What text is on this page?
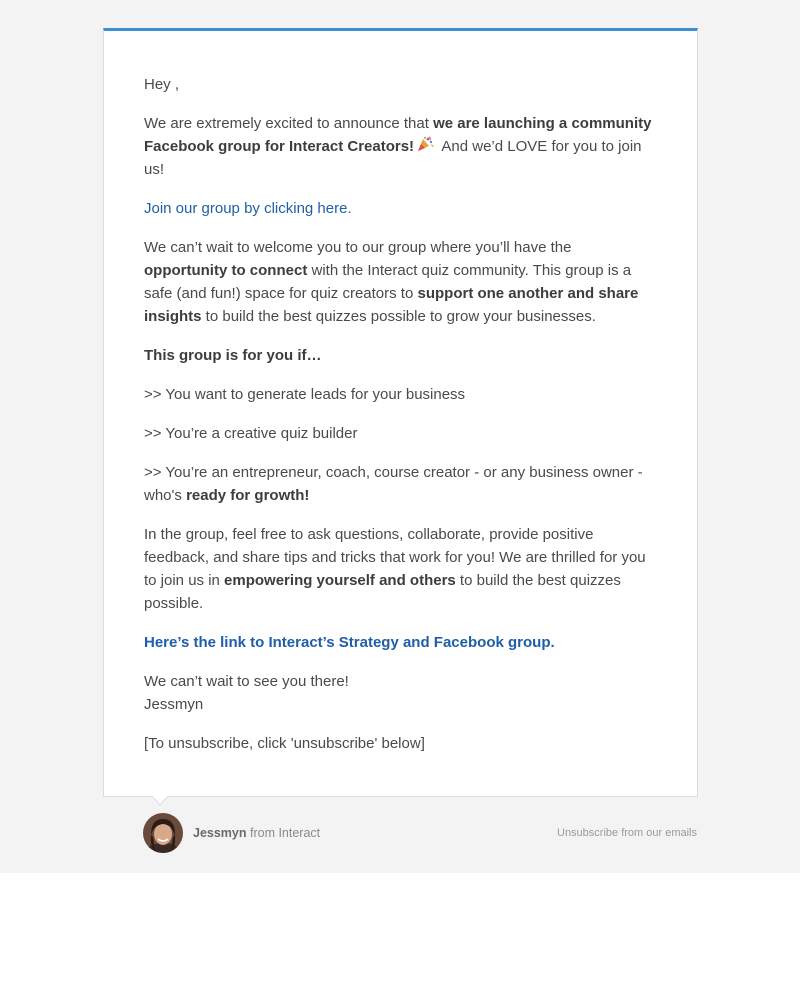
Hey ,

We are extremely excited to announce that we are launching a community Facebook group for Interact Creators! And we’d LOVE for you to join us!

Join our group by clicking here.

We can’t wait to welcome you to our group where you’ll have the opportunity to connect with the Interact quiz community. This group is a safe (and fun!) space for quiz creators to support one another and share insights to build the best quizzes possible to grow your businesses.

This group is for you if…

>> You want to generate leads for your business

>> You’re a creative quiz builder

>> You’re an entrepreneur, coach, course creator - or any business owner - who's ready for growth!

In the group, feel free to ask questions, collaborate, provide positive feedback, and share tips and tricks that work for you! We are thrilled for you to join us in empowering yourself and others to build the best quizzes possible.

Here’s the link to Interact’s Strategy and Facebook group.

We can’t wait to see you there!
Jessmyn

[To unsubscribe, click 'unsubscribe' below]

Jessmyn from Interact	Unsubscribe from our emails
